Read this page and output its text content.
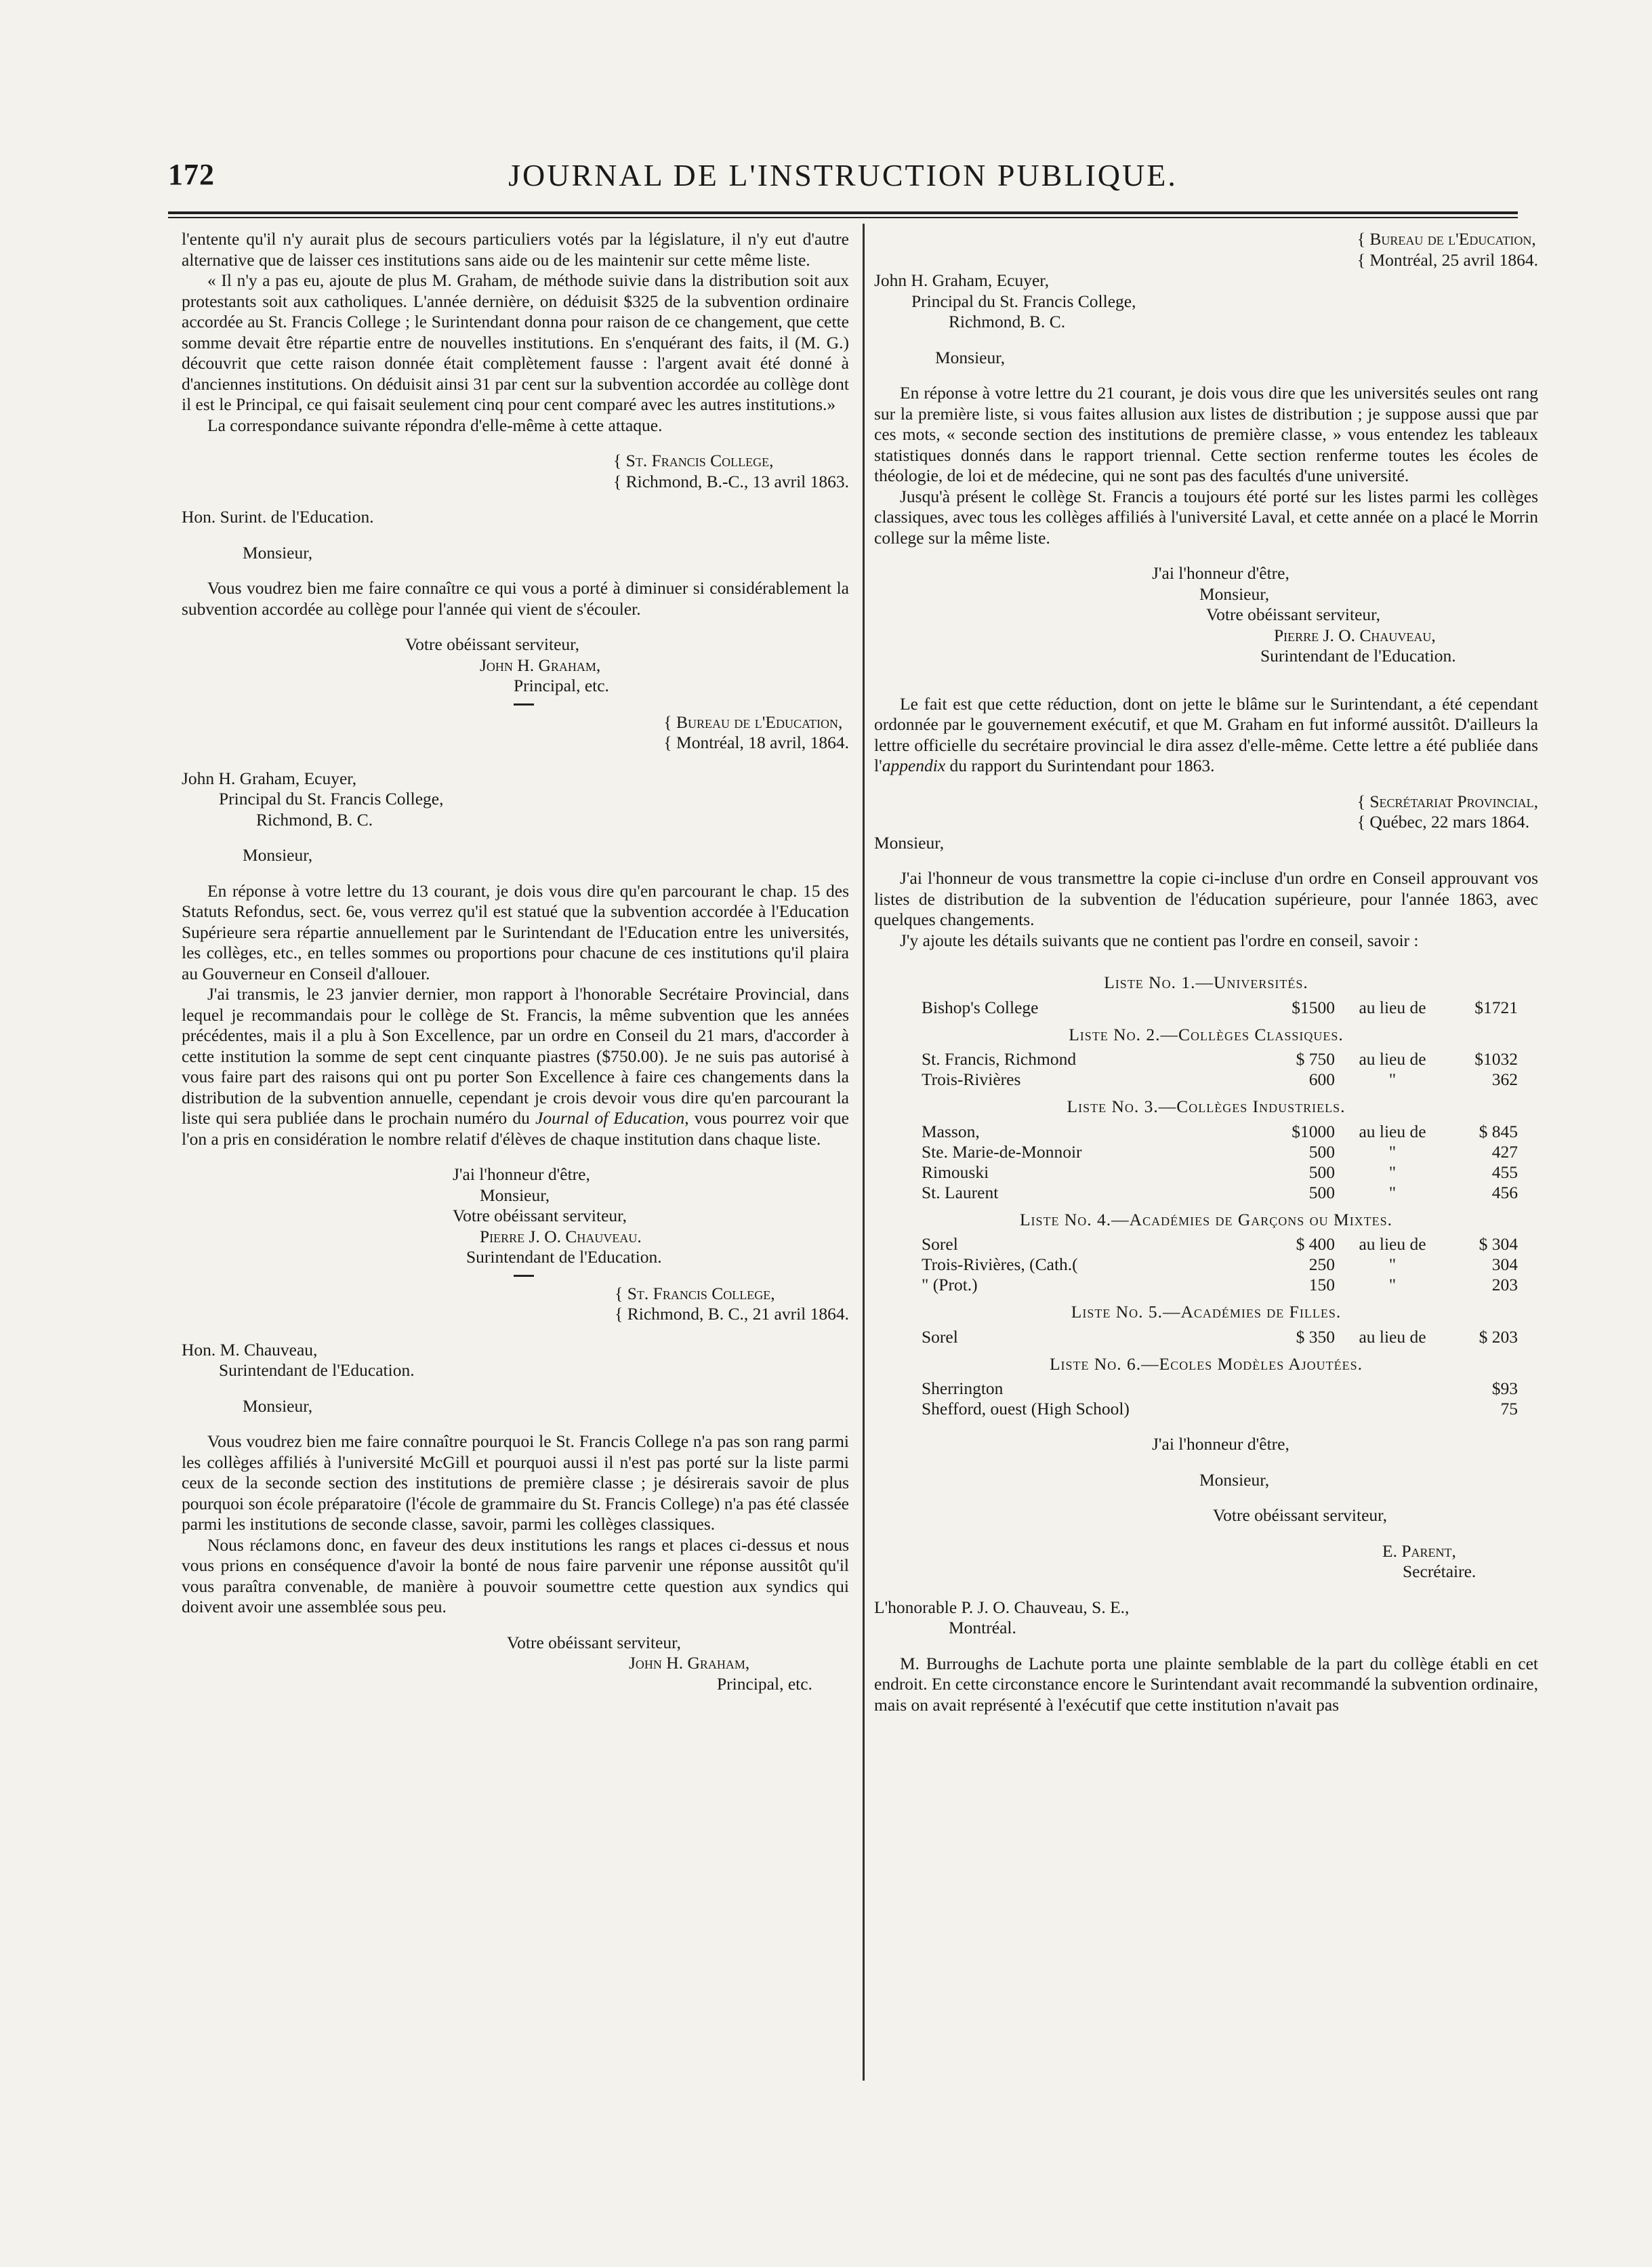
172	JOURNAL DE L'INSTRUCTION PUBLIQUE.

l'entente qu'il n'y aurait plus de secours particuliers votés par la législature, il n'y eut d'autre alternative que de laisser ces institutions sans aide ou de les maintenir sur cette même liste.

« Il n'y a pas eu, ajoute de plus M. Graham, de méthode suivie dans la distribution soit aux protestants soit aux catholiques. L'année dernière, on déduisit $325 de la subvention ordinaire accordée au St. Francis College ; le Surintendant donna pour raison de ce changement, que cette somme devait être répartie entre de nouvelles institutions. En s'enquérant des faits, il (M. G.) découvrit que cette raison donnée était complètement fausse : l'argent avait été donné à d'anciennes institutions. On déduisit ainsi 31 par cent sur la subvention accordée au collège dont il est le Principal, ce qui faisait seulement cinq pour cent comparé avec les autres institutions.»

La correspondance suivante répondra d'elle-même à cette attaque.

{ St. Francis College,
{ Richmond, B.-C., 13 avril 1863.

Hon. Surint. de l'Education.

Monsieur,

Vous voudrez bien me faire connaître ce qui vous a porté à diminuer si considérablement la subvention accordée au collège pour l'année qui vient de s'écouler.

Votre obéissant serviteur,

John H. Graham,

Principal, etc.

{ Bureau de l'Education,
{ Montréal, 18 avril, 1864.

John H. Graham, Ecuyer,

Principal du St. Francis College,

Richmond, B. C.

Monsieur,

En réponse à votre lettre du 13 courant, je dois vous dire qu'en parcourant le chap. 15 des Statuts Refondus, sect. 6e, vous verrez qu'il est statué que la subvention accordée à l'Education Supérieure sera répartie annuellement par le Surintendant de l'Education entre les universités, les collèges, etc., en telles sommes ou proportions pour chacune de ces institutions qu'il plaira au Gouverneur en Conseil d'allouer.

J'ai transmis, le 23 janvier dernier, mon rapport à l'honorable Secrétaire Provincial, dans lequel je recommandais pour le collège de St. Francis, la même subvention que les années précédentes, mais il a plu à Son Excellence, par un ordre en Conseil du 21 mars, d'accorder à cette institution la somme de sept cent cinquante piastres ($750.00). Je ne suis pas autorisé à vous faire part des raisons qui ont pu porter Son Excellence à faire ces changements dans la distribution de la subvention annuelle, cependant je crois devoir vous dire qu'en parcourant la liste qui sera publiée dans le prochain numéro du Journal of Education, vous pourrez voir que l'on a pris en considération le nombre relatif d'élèves de chaque institution dans chaque liste.

J'ai l'honneur d'être,

Monsieur,

Votre obéissant serviteur,

Pierre J. O. Chauveau.

Surintendant de l'Education.

{ St. Francis College,
{ Richmond, B. C., 21 avril 1864.

Hon. M. Chauveau,

Surintendant de l'Education.

Monsieur,

Vous voudrez bien me faire connaître pourquoi le St. Francis College n'a pas son rang parmi les collèges affiliés à l'université McGill et pourquoi aussi il n'est pas porté sur la liste parmi ceux de la seconde section des institutions de première classe ; je désirerais savoir de plus pourquoi son école préparatoire (l'école de grammaire du St. Francis College) n'a pas été classée parmi les institutions de seconde classe, savoir, parmi les collèges classiques.

Nous réclamons donc, en faveur des deux institutions les rangs et places ci-dessus et nous vous prions en conséquence d'avoir la bonté de nous faire parvenir une réponse aussitôt qu'il vous paraîtra convenable, de manière à pouvoir soumettre cette question aux syndics qui doivent avoir une assemblée sous peu.

Votre obéissant serviteur,

John H. Graham,

Principal, etc.

{ Bureau de l'Education,
{ Montréal, 25 avril 1864.

John H. Graham, Ecuyer,

Principal du St. Francis College,

Richmond, B. C.

Monsieur,

En réponse à votre lettre du 21 courant, je dois vous dire que les universités seules ont rang sur la première liste, si vous faites allusion aux listes de distribution ; je suppose aussi que par ces mots, « seconde section des institutions de première classe, » vous entendez les tableaux statistiques donnés dans le rapport triennal. Cette section renferme toutes les écoles de théologie, de loi et de médecine, qui ne sont pas des facultés d'une université.

Jusqu'à présent le collège St. Francis a toujours été porté sur les listes parmi les collèges classiques, avec tous les collèges affiliés à l'université Laval, et cette année on a placé le Morrin college sur la même liste.

J'ai l'honneur d'être,

Monsieur,

Votre obéissant serviteur,

Pierre J. O. Chauveau,

Surintendant de l'Education.

Le fait est que cette réduction, dont on jette le blâme sur le Surintendant, a été cependant ordonnée par le gouvernement exécutif, et que M. Graham en fut informé aussitôt. D'ailleurs la lettre officielle du secrétaire provincial le dira assez d'elle-même. Cette lettre a été publiée dans l'appendix du rapport du Surintendant pour 1863.

{ Secrétariat Provincial,
{ Québec, 22 mars 1864.

Monsieur,

J'ai l'honneur de vous transmettre la copie ci-incluse d'un ordre en Conseil approuvant vos listes de distribution de la subvention de l'éducation supérieure, pour l'année 1863, avec quelques changements.

J'y ajoute les détails suivants que ne contient pas l'ordre en conseil, savoir :

Liste No. 1.—Universités.
Bishop's College	$1500	au lieu de	$1721
Liste No. 2.—Collèges Classiques.
St. Francis, Richmond	$ 750	au lieu de	$1032
Trois-Rivières	600	"	362
Liste No. 3.—Collèges Industriels.
Masson,	$1000	au lieu de	$ 845
Ste. Marie-de-Monnoir	500	"	427
Rimouski	500	"	455
St. Laurent	500	"	456
Liste No. 4.—Académies de Garçons ou Mixtes.
Sorel	$ 400	au lieu de	$ 304
Trois-Rivières, (Cath.(	250	"	304
" (Prot.)	150	"	203
Liste No. 5.—Académies de Filles.
Sorel	$ 350	au lieu de	$ 203
Liste No. 6.—Ecoles Modèles Ajoutées.
Sherrington			$93
Shefford, ouest (High School)			75

J'ai l'honneur d'être,

Monsieur,

Votre obéissant serviteur,

E. Parent,

Secrétaire.

L'honorable P. J. O. Chauveau, S. E.,

Montréal.

M. Burroughs de Lachute porta une plainte semblable de la part du collège établi en cet endroit. En cette circonstance encore le Surintendant avait recommandé la subvention ordinaire, mais on avait représenté à l'exécutif que cette institution n'avait pas
